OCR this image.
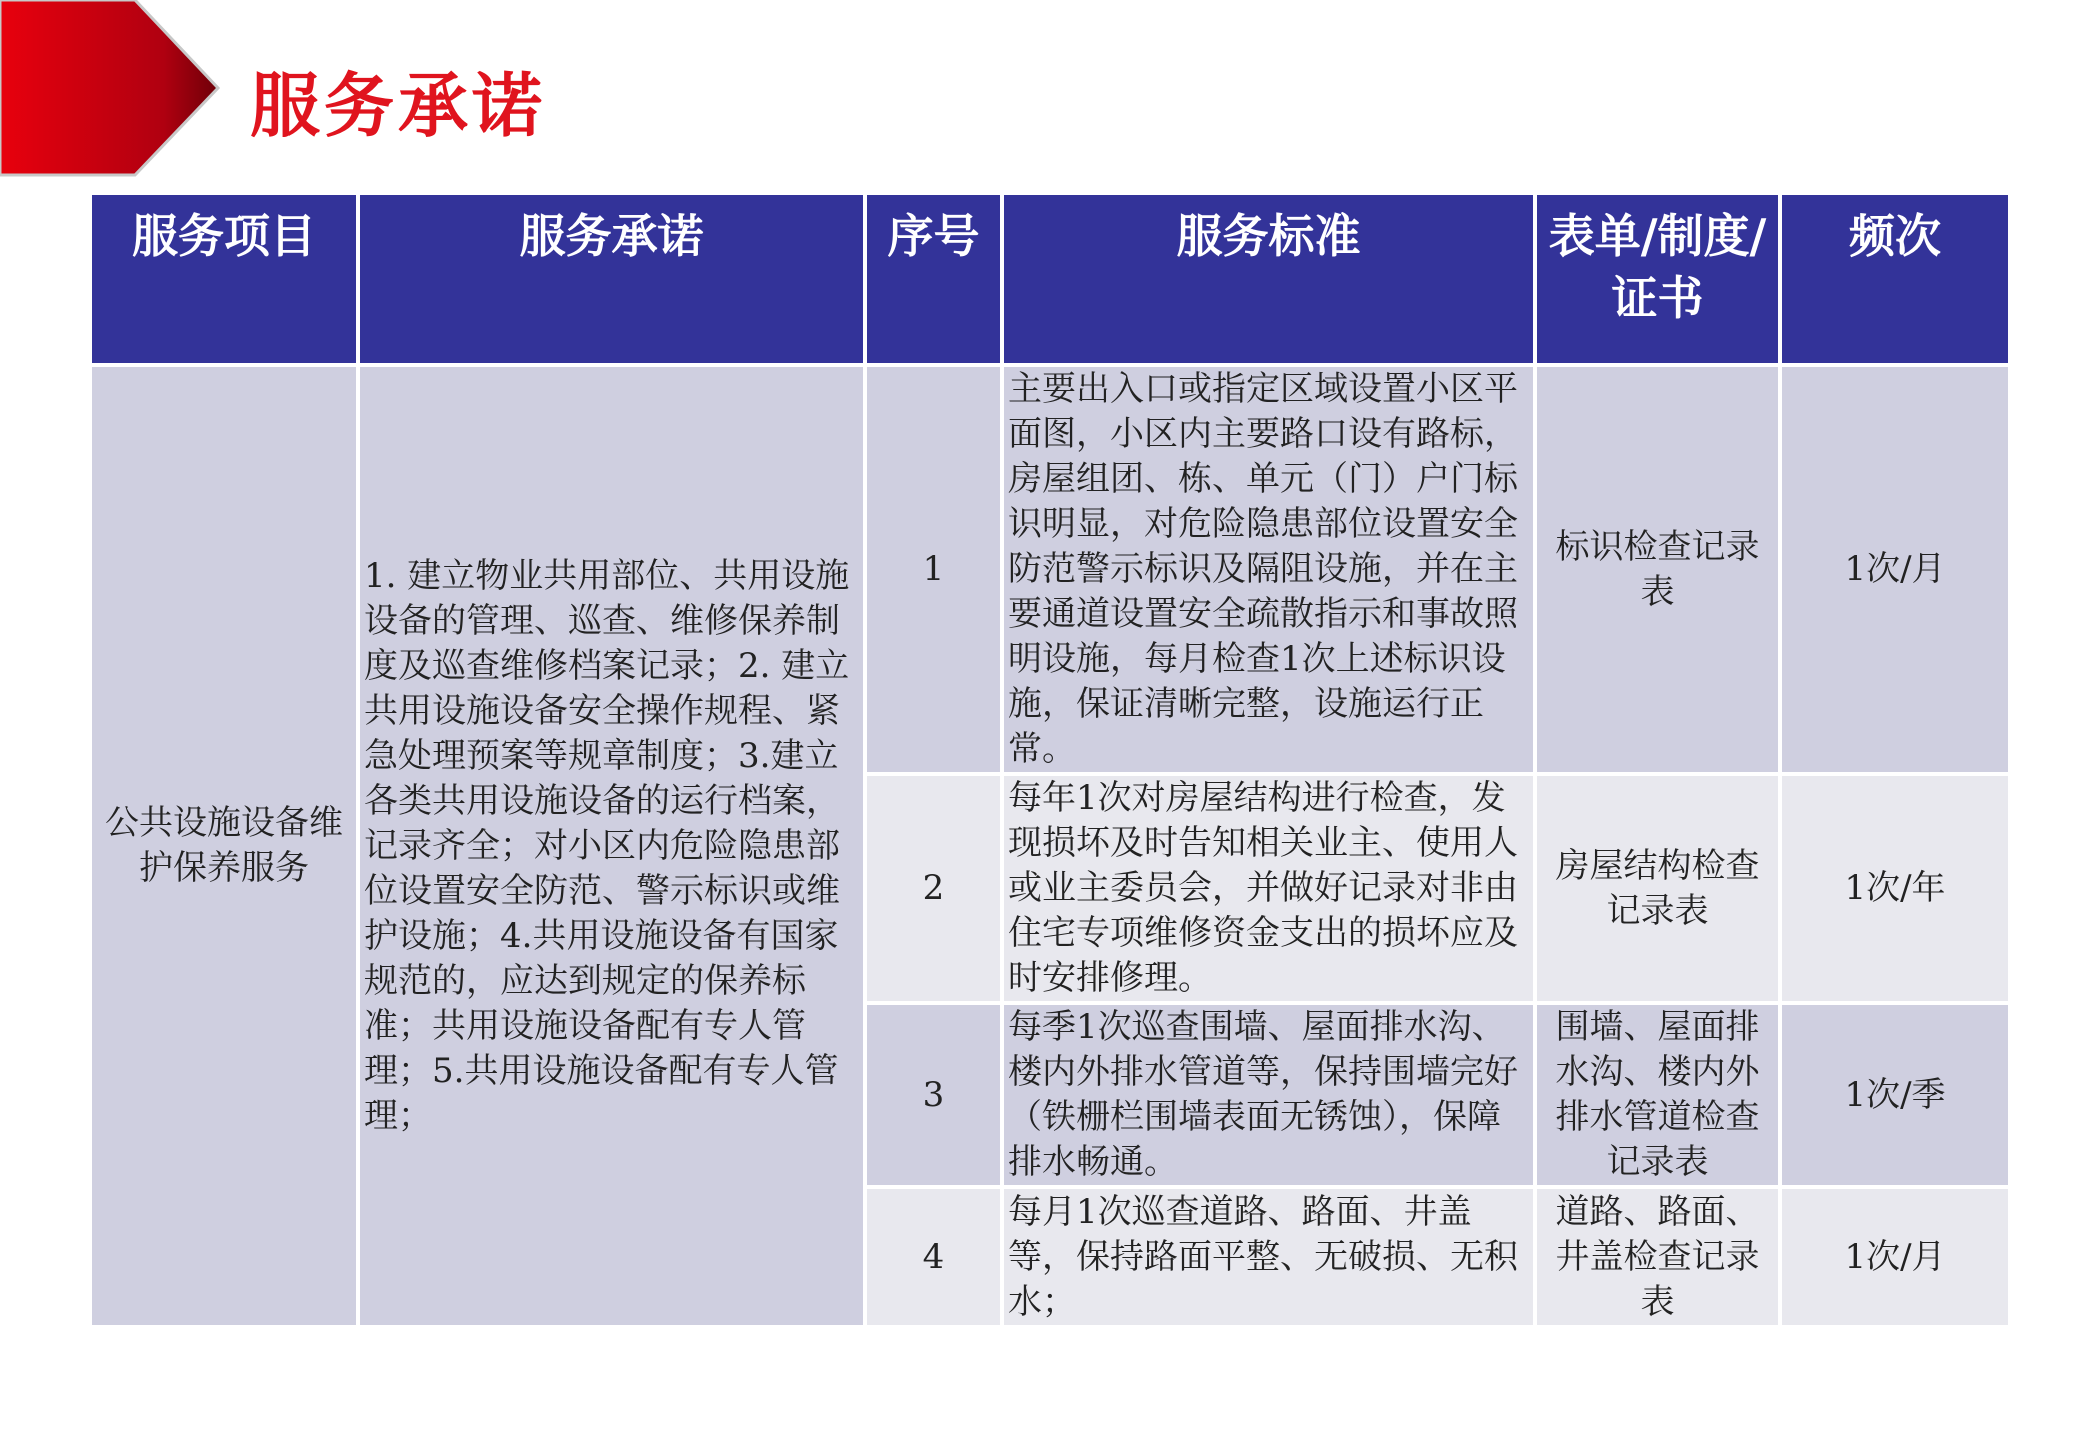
服务承诺
服务项目	服务承诺	序号	服务标准	表单/制度/证书	频次
公共设施设备维护保养服务	1. 建立物业共用部位、共用设施设备的管理、巡查、维修保养制度及巡查维修档案记录；2. 建立共用设施设备安全操作规程、紧急处理预案等规章制度；3.建立各类共用设施设备的运行档案，记录齐全；对小区内危险隐患部位设置安全防范、警示标识或维护设施；4.共用设施设备有国家规范的，应达到规定的保养标准；共用设施设备配有专人管理；5.共用设施设备配有专人管理；	1	主要出入口或指定区域设置小区平面图，小区内主要路口设有路标，房屋组团、栋、单元（门）户门标识明显，对危险隐患部位设置安全防范警示标识及隔阻设施，并在主要通道设置安全疏散指示和事故照明设施，每月检查1次上述标识设施，保证清晰完整，设施运行正常。	标识检查记录表	1次/月
		2	每年1次对房屋结构进行检查，发现损坏及时告知相关业主、使用人或业主委员会，并做好记录对非由住宅专项维修资金支出的损坏应及时安排修理。	房屋结构检查记录表	1次/年
		3	每季1次巡查围墙、屋面排水沟、楼内外排水管道等，保持围墙完好（铁栅栏围墙表面无锈蚀），保障排水畅通。	围墙、屋面排水沟、楼内外排水管道检查记录表	1次/季
		4	每月1次巡查道路、路面、井盖等，保持路面平整、无破损、无积水；	道路、路面、井盖检查记录表	1次/月
